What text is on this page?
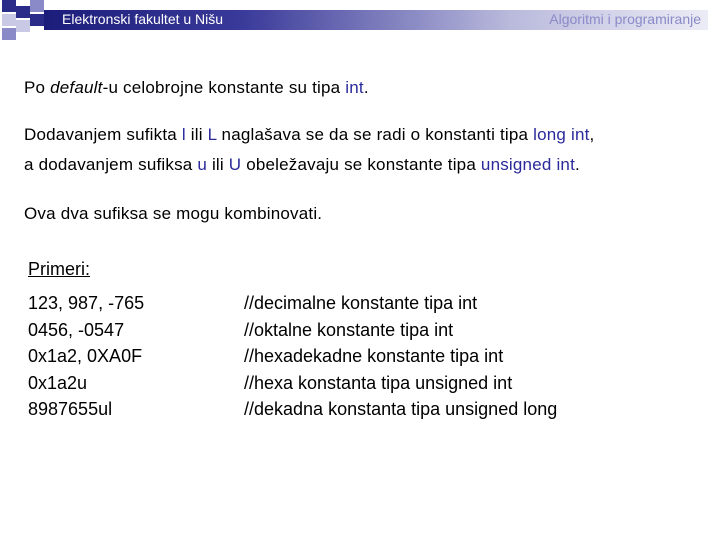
Elektronski fakultet u Nišu	Algoritmi i programiranje
Po default-u celobrojne konstante su tipa int.
Dodavanjem sufikta l ili L naglašava se da se radi o konstanti tipa long int,
a dodavanjem sufiksa u ili U obeležavaju se konstante tipa unsigned int.
Ova dva sufiksa se mogu kombinovati.
Primeri:
123, 987, -765
0456, -0547
0x1a2, 0XA0F
0x1a2u
8987655ul
//decimalne konstante tipa int
//oktalne konstante tipa int
//hexadekadne konstante tipa int
//hexa konstanta tipa unsigned int
//dekadna konstanta tipa unsigned long
